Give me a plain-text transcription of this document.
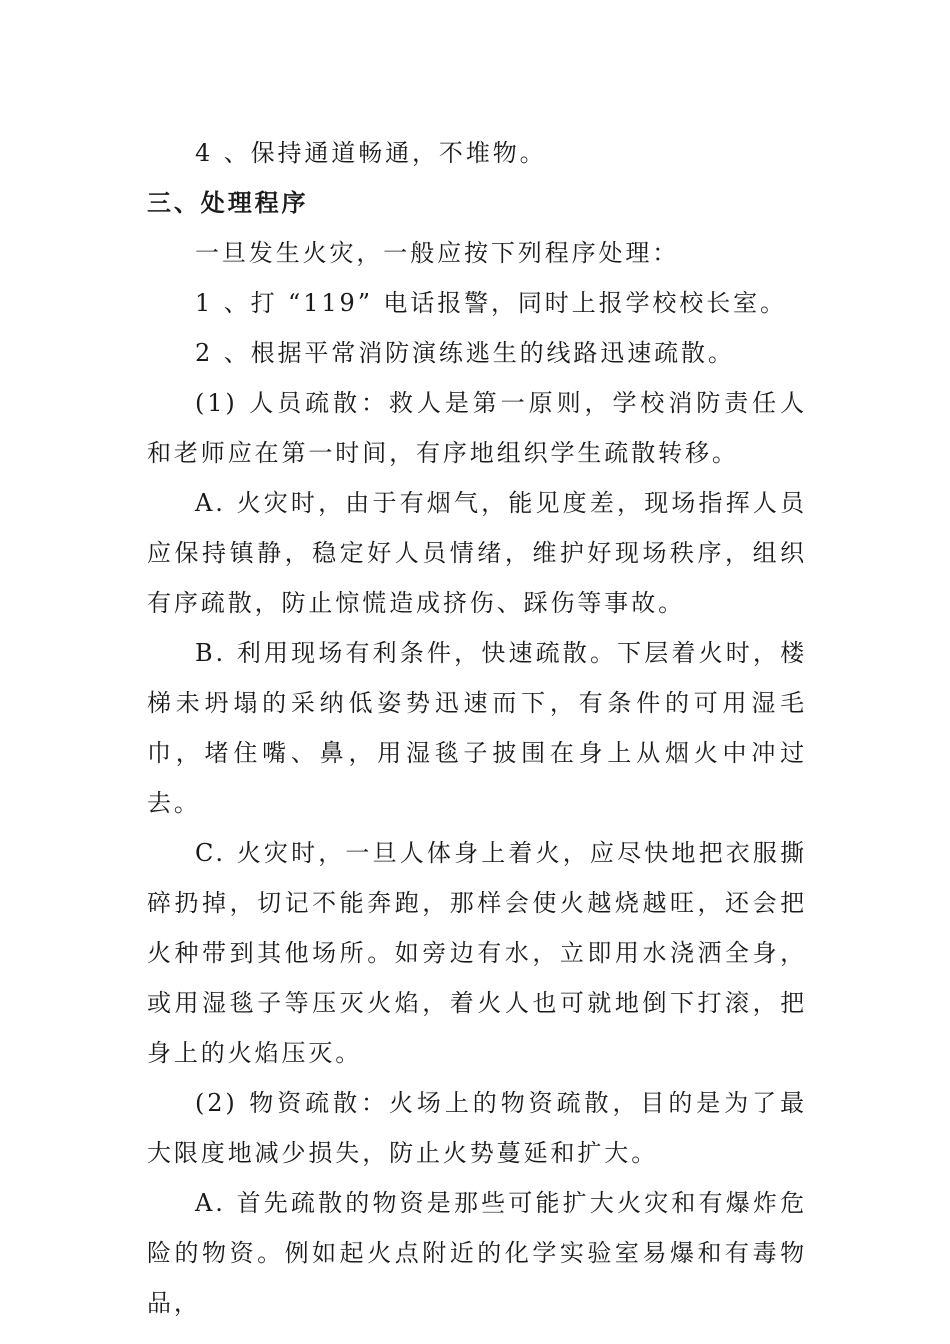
4 、保持通道畅通，不堆物。

三、处理程序

一旦发生火灾，一般应按下列程序处理：

1 、打 “119” 电话报警，同时上报学校校长室。

2 、根据平常消防演练逃生的线路迅速疏散。

(1) 人员疏散：救人是第一原则，学校消防责任人和老师应在第一时间，有序地组织学生疏散转移。

A. 火灾时，由于有烟气，能见度差，现场指挥人员应保持镇静，稳定好人员情绪，维护好现场秩序，组织有序疏散，防止惊慌造成挤伤、踩伤等事故。

B. 利用现场有利条件，快速疏散。下层着火时，楼梯未坍塌的采纳低姿势迅速而下，有条件的可用湿毛巾，堵住嘴、鼻，用湿毯子披围在身上从烟火中冲过去。

C. 火灾时，一旦人体身上着火，应尽快地把衣服撕碎扔掉，切记不能奔跑，那样会使火越烧越旺，还会把火种带到其他场所。如旁边有水，立即用水浇洒全身，或用湿毯子等压灭火焰，着火人也可就地倒下打滚，把身上的火焰压灭。

(2) 物资疏散：火场上的物资疏散，目的是为了最大限度地减少损失，防止火势蔓延和扩大。

A. 首先疏散的物资是那些可能扩大火灾和有爆炸危险的物资。例如起火点附近的化学实验室易爆和有毒物品，
